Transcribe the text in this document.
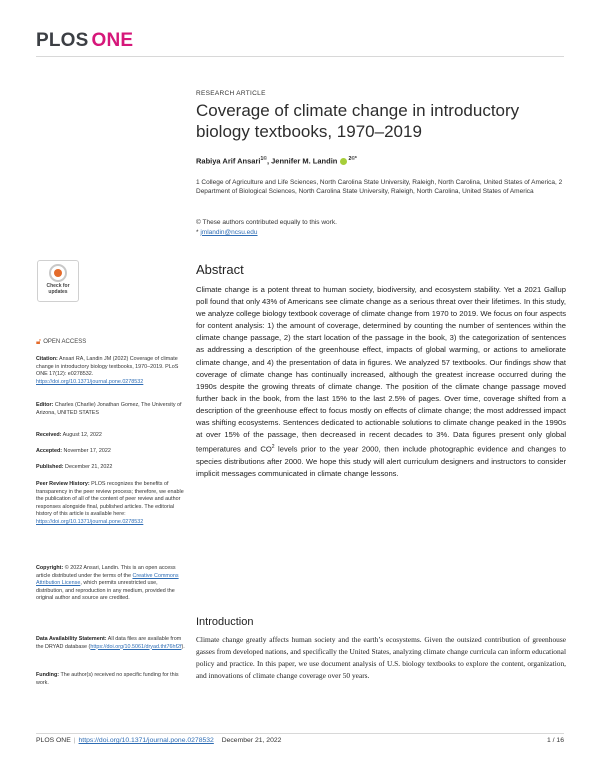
PLOS ONE
RESEARCH ARTICLE
Coverage of climate change in introductory biology textbooks, 1970–2019
Rabiya Arif Ansari$^{1©}$, Jennifer M. Landin $^{2©*}$
1 College of Agriculture and Life Sciences, North Carolina State University, Raleigh, North Carolina, United States of America, 2 Department of Biological Sciences, North Carolina State University, Raleigh, North Carolina, United States of America
© These authors contributed equally to this work.
* jmlandin@ncsu.edu
Abstract
Climate change is a potent threat to human society, biodiversity, and ecosystem stability. Yet a 2021 Gallup poll found that only 43% of Americans see climate change as a serious threat over their lifetimes. In this study, we analyze college biology textbook coverage of climate change from 1970 to 2019. We focus on four aspects for content analysis: 1) the amount of coverage, determined by counting the number of sentences within the climate change passage, 2) the start location of the passage in the book, 3) the categorization of sentences as addressing a description of the greenhouse effect, impacts of global warming, or actions to ameliorate climate change, and 4) the presentation of data in figures. We analyzed 57 textbooks. Our findings show that coverage of climate change has continually increased, although the greatest increase occurred during the 1990s despite the growing threats of climate change. The position of the climate change passage moved further back in the book, from the last 15% to the last 2.5% of pages. Over time, coverage shifted from a description of the greenhouse effect to focus mostly on effects of climate change; the most addressed impact was shifting ecosystems. Sentences dedicated to actionable solutions to climate change peaked in the 1990s at over 15% of the passage, then decreased in recent decades to 3%. Data figures present only global temperatures and $CO^2$ levels prior to the year 2000, then include photographic evidence and changes to species distributions after 2000. We hope this study will alert curriculum designers and instructors to consider implicit messages communicated in climate change lessons.
Introduction
Climate change greatly affects human society and the earth’s ecosystems. Given the outsized contribution of greenhouse gasses from developed nations, and specifically the United States, analyzing climate change curricula can inform educational policy and practice. In this paper, we use document analysis of U.S. biology textbooks to explore the content, organization, and innovations of climate change coverage over 50 years.
Check for
updates
🔓︎ OPEN ACCESS
Citation: Ansari RA, Landin JM (2022) Coverage of climate change in introductory biology textbooks, 1970–2019. PLoS ONE 17(12): e0278532. https://doi.org/10.1371/journal.pone.0278532
Editor: Charles (Charlie) Jonathan Gomez, The University of Arizona, UNITED STATES
Received: August 12, 2022
Accepted: November 17, 2022
Published: December 21, 2022
Peer Review History: PLOS recognizes the benefits of transparency in the peer review process; therefore, we enable the publication of all of the content of peer review and author responses alongside final, published articles. The editorial history of this article is available here: https://doi.org/10.1371/journal.pone.0278532
Copyright: © 2022 Ansari, Landin. This is an open access article distributed under the terms of the Creative Commons Attribution License, which permits unrestricted use, distribution, and reproduction in any medium, provided the original author and source are credited.
Data Availability Statement: All data files are available from the DRYAD database (https://doi.org/10.5061/dryad.tht76hf2f).
Funding: The author(s) received no specific funding for this work.
PLOS ONE | https://doi.org/10.1371/journal.pone.0278532 December 21, 2022	1 / 16
